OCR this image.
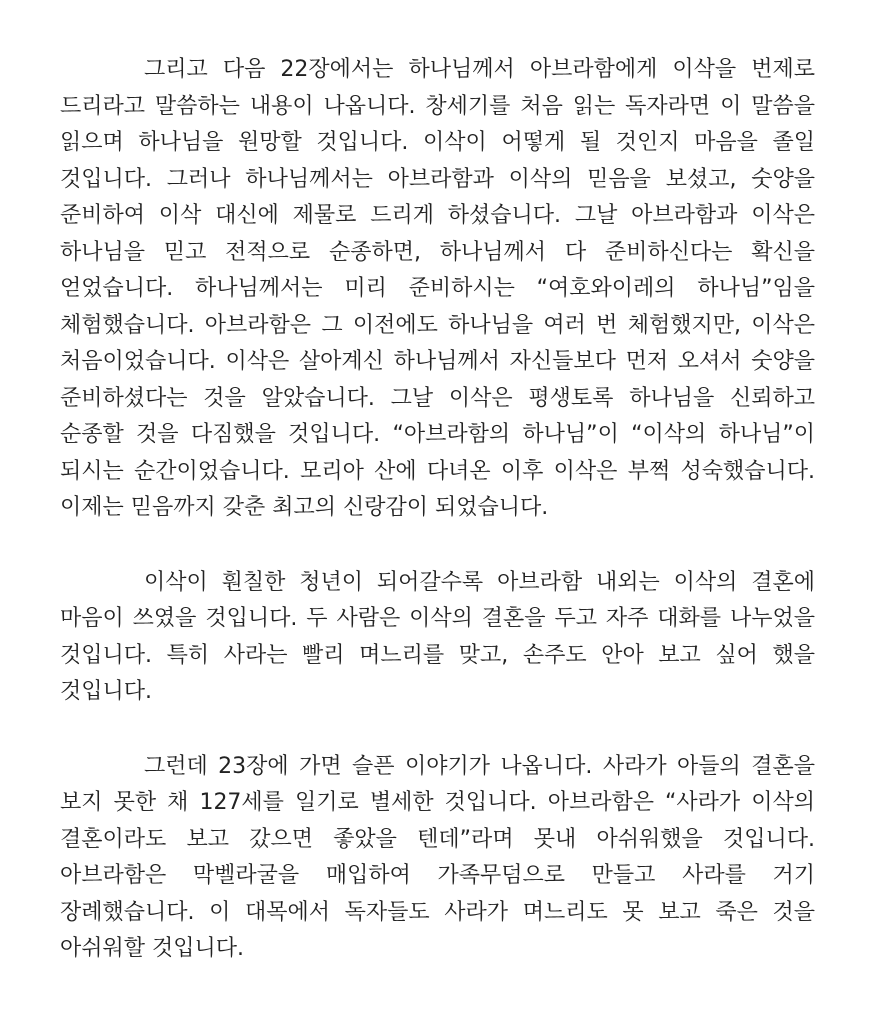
그리고 다음 22장에서는 하나님께서 아브라함에게 이삭을 번제로 드리라고 말씀하는 내용이 나옵니다. 창세기를 처음 읽는 독자라면 이 말씀을 읽으며 하나님을 원망할 것입니다. 이삭이 어떻게 될 것인지 마음을 졸일 것입니다. 그러나 하나님께서는 아브라함과 이삭의 믿음을 보셨고, 숫양을 준비하여 이삭 대신에 제물로 드리게 하셨습니다. 그날 아브라함과 이삭은 하나님을 믿고 전적으로 순종하면, 하나님께서 다 준비하신다는 확신을 얻었습니다. 하나님께서는 미리 준비하시는 “여호와이레의 하나님”임을 체험했습니다. 아브라함은 그 이전에도 하나님을 여러 번 체험했지만, 이삭은 처음이었습니다. 이삭은 살아계신 하나님께서 자신들보다 먼저 오셔서 숫양을 준비하셨다는 것을 알았습니다. 그날 이삭은 평생토록 하나님을 신뢰하고 순종할 것을 다짐했을 것입니다. “아브라함의 하나님”이 “이삭의 하나님”이 되시는 순간이었습니다. 모리아 산에 다녀온 이후 이삭은 부쩍 성숙했습니다. 이제는 믿음까지 갖춘 최고의 신랑감이 되었습니다.

이삭이 훤칠한 청년이 되어갈수록 아브라함 내외는 이삭의 결혼에 마음이 쓰였을 것입니다. 두 사람은 이삭의 결혼을 두고 자주 대화를 나누었을 것입니다. 특히 사라는 빨리 며느리를 맞고, 손주도 안아 보고 싶어 했을 것입니다.

그런데 23장에 가면 슬픈 이야기가 나옵니다. 사라가 아들의 결혼을 보지 못한 채 127세를 일기로 별세한 것입니다. 아브라함은 “사라가 이삭의 결혼이라도 보고 갔으면 좋았을 텐데”라며 못내 아쉬워했을 것입니다. 아브라함은 막벨라굴을 매입하여 가족무덤으로 만들고 사라를 거기 장례했습니다. 이 대목에서 독자들도 사라가 며느리도 못 보고 죽은 것을 아쉬워할 것입니다.
